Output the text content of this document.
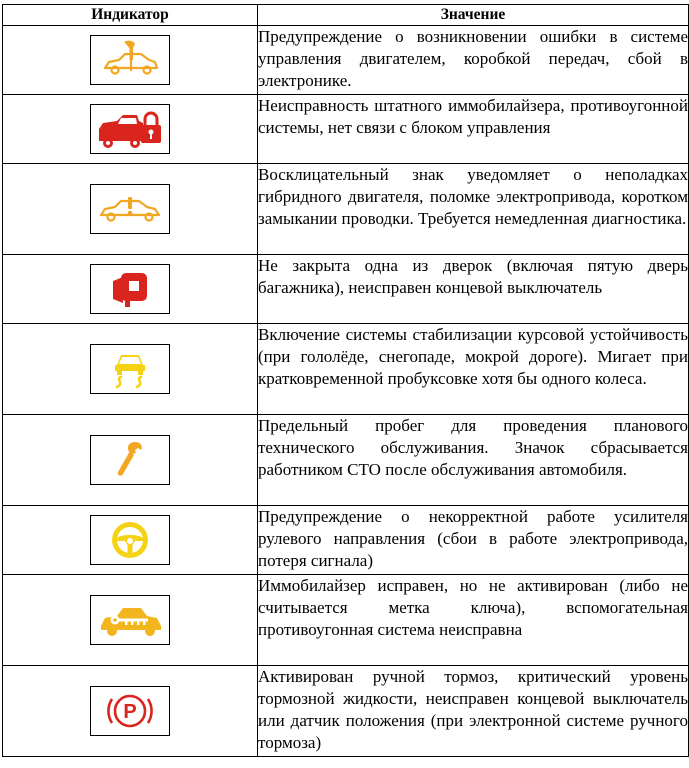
Индикатор	Значение

	Предупреждение о возникновении ошибки в системе управления двигателем, коробкой передач, сбой в электронике.

	Неисправность штатного иммобилайзера, противоугонной системы, нет связи с блоком управления

	Восклицательный знак уведомляет о неполадках гибридного двигателя, поломке электропривода, коротком замыкании проводки. Требуется немедленная диагностика.

	Не закрыта одна из дверок (включая пятую дверь багажника), неисправен концевой выключатель

	Включение системы стабилизации курсовой устойчивость (при гололёде, снегопаде, мокрой дороге). Мигает при кратковременной пробуксовке хотя бы одного колеса.

	Предельный пробег для проведения планового технического обслуживания. Значок сбрасывается работником СТО после обслуживания автомобиля.

	Предупреждение о некорректной работе усилителя рулевого направления (сбои в работе электропривода, потеря сигнала)

	Иммобилайзер исправен, но не активирован (либо не считывается метка ключа), вспомогательная противоугонная система неисправна

P	Активирован ручной тормоз, критический уровень тормозной жидкости, неисправен концевой выключатель или датчик положения (при электронной системе ручного тормоза)
